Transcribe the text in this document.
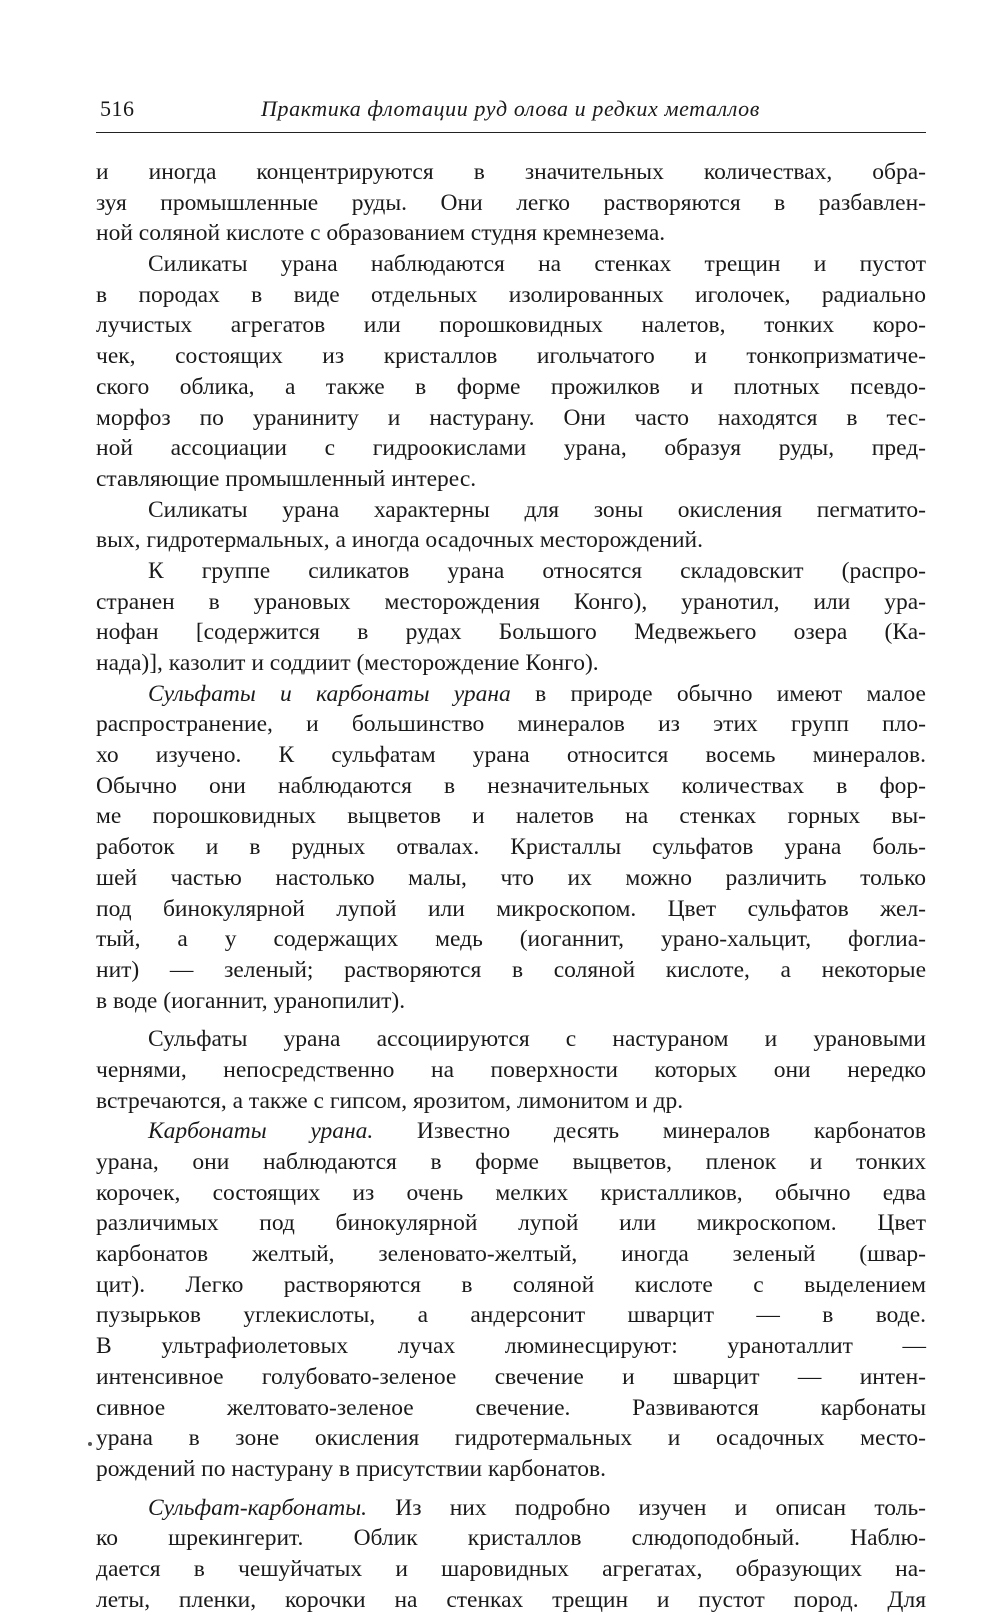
516	Практика флотации руд олова и редких металлов
и иногда концентрируются в значительных количествах, обра-
зуя промышленные руды. Они легко растворяются в разбавлен-
ной соляной кислоте с образованием студня кремнезема.
Силикаты урана наблюдаются на стенках трещин и пустот
в породах в виде отдельных изолированных иголочек, радиально
лучистых агрегатов или порошковидных налетов, тонких коро-
чек, состоящих из кристаллов игольчатого и тонкопризматиче-
ского облика, а также в форме прожилков и плотных псевдо-
морфоз по ураниниту и настурану. Они часто находятся в тес-
ной ассоциации с гидроокислами урана, образуя руды, пред-
ставляющие промышленный интерес.
Силикаты урана характерны для зоны окисления пегматито-
вых, гидротермальных, а иногда осадочных месторождений.
К группе силикатов урана относятся складовскит (распро-
странен в урановых месторождения Конго), уранотил, или ура-
нофан [содержится в рудах Большого Медвежьего озера (Ка-
нада)], казолит и соддиит (месторождение Конго).
Сульфаты и карбонаты урана в природе обычно имеют малое
распространение, и большинство минералов из этих групп пло-
хо изучено. К сульфатам урана относится восемь минералов.
Обычно они наблюдаются в незначительных количествах в фор-
ме порошковидных выцветов и налетов на стенках горных вы-
работок и в рудных отвалах. Кристаллы сульфатов урана боль-
шей частью настолько малы, что их можно различить только
под бинокулярной лупой или микроскопом. Цвет сульфатов жел-
тый, а у содержащих медь (иоганнит, урано-хальцит, фоглиа-
нит) — зеленый; растворяются в соляной кислоте, а некоторые
в воде (иоганнит, уранопилит).
Сульфаты урана ассоциируются с настураном и урановыми
чернями, непосредственно на поверхности которых они нередко
встречаются, а также с гипсом, ярозитом, лимонитом и др.
Карбонаты урана. Известно десять минералов карбонатов
урана, они наблюдаются в форме выцветов, пленок и тонких
корочек, состоящих из очень мелких кристалликов, обычно едва
различимых под бинокулярной лупой или микроскопом. Цвет
карбонатов желтый, зеленовато-желтый, иногда зеленый (швар-
цит). Легко растворяются в соляной кислоте с выделением
пузырьков углекислоты, а андерсонит шварцит — в воде.
В ультрафиолетовых лучах люминесцируют: ураноталлит —
интенсивное голубовато-зеленое свечение и шварцит — интен-
сивное желтовато-зеленое свечение. Развиваются карбонаты
урана в зоне окисления гидротермальных и осадочных место-
рождений по настурану в присутствии карбонатов.
Сульфат-карбонаты. Из них подробно изучен и описан толь-
ко шрекингерит. Облик кристаллов слюдоподобный. Наблю-
дается в чешуйчатых и шаровидных агрегатах, образующих на-
леты, пленки, корочки на стенках трещин и пустот пород. Для
